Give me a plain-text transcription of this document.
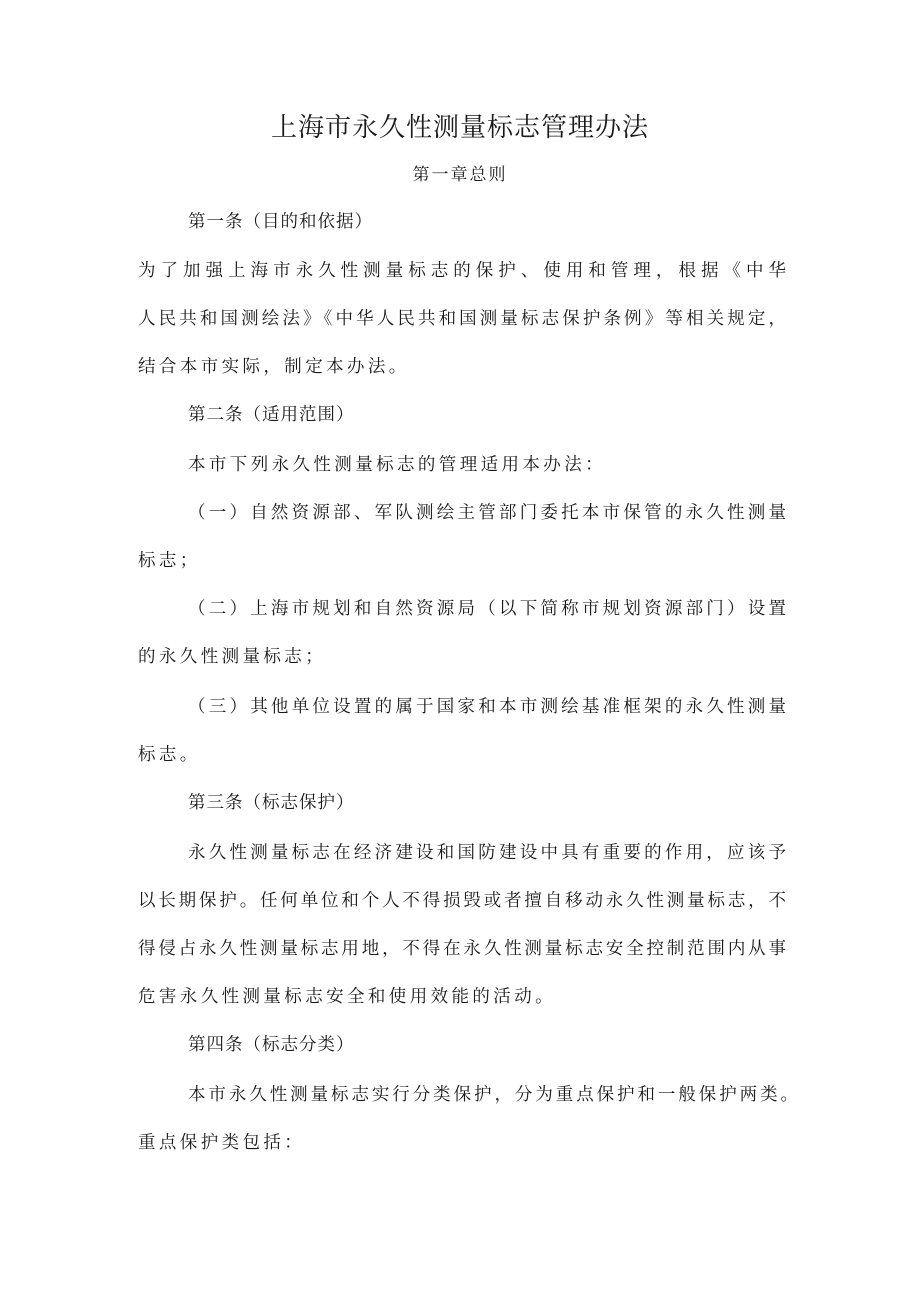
上海市永久性测量标志管理办法
第一章总则
第一条（目的和依据）
为了加强上海市永久性测量标志的保护、使用和管理，根据《中华
人民共和国测绘法》《中华人民共和国测量标志保护条例》等相关规定，
结合本市实际，制定本办法。
第二条（适用范围）
本市下列永久性测量标志的管理适用本办法：
（一）自然资源部、军队测绘主管部门委托本市保管的永久性测量
标志；
（二）上海市规划和自然资源局（以下简称市规划资源部门）设置
的永久性测量标志；
（三）其他单位设置的属于国家和本市测绘基准框架的永久性测量
标志。
第三条（标志保护）
永久性测量标志在经济建设和国防建设中具有重要的作用，应该予
以长期保护。任何单位和个人不得损毁或者擅自移动永久性测量标志，不
得侵占永久性测量标志用地，不得在永久性测量标志安全控制范围内从事
危害永久性测量标志安全和使用效能的活动。
第四条（标志分类）
本市永久性测量标志实行分类保护，分为重点保护和一般保护两类。
重点保护类包括：
